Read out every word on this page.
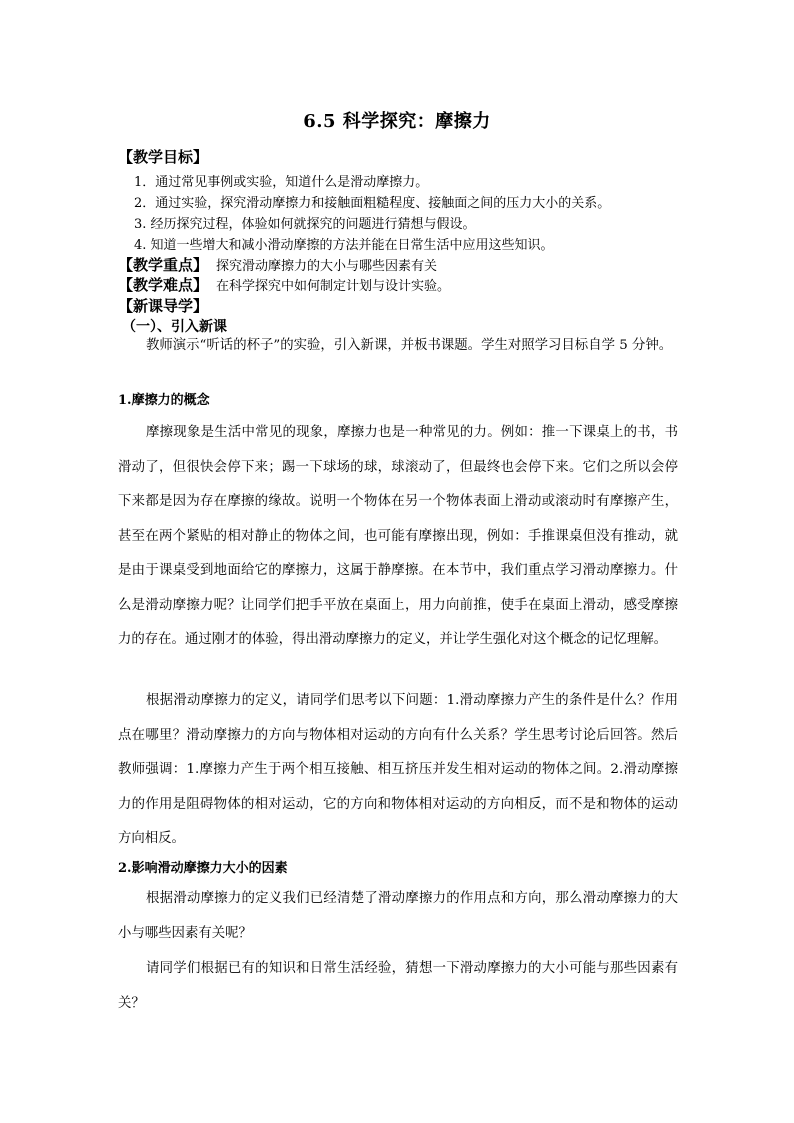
6.5 科学探究：摩擦力
【教学目标】
1．通过常见事例或实验，知道什么是滑动摩擦力。
2．通过实验，探究滑动摩擦力和接触面粗糙程度、接触面之间的压力大小的关系。
3. 经历探究过程，体验如何就探究的问题进行猜想与假设。
4. 知道一些增大和减小滑动摩擦的方法并能在日常生活中应用这些知识。
【教学重点】 探究滑动摩擦力的大小与哪些因素有关
【教学难点】 在科学探究中如何制定计划与设计实验。
【新课导学】
（一）、引入新课
教师演示“听话的杯子”的实验，引入新课，并板书课题。学生对照学习目标自学 5 分钟。
1.摩擦力的概念
摩擦现象是生活中常见的现象，摩擦力也是一种常见的力。例如：推一下课桌上的书，书滑动了，但很快会停下来；踢一下球场的球，球滚动了，但最终也会停下来。它们之所以会停下来都是因为存在摩擦的缘故。说明一个物体在另一个物体表面上滑动或滚动时有摩擦产生，甚至在两个紧贴的相对静止的物体之间，也可能有摩擦出现，例如：手推课桌但没有推动，就是由于课桌受到地面给它的摩擦力，这属于静摩擦。在本节中，我们重点学习滑动摩擦力。什么是滑动摩擦力呢？让同学们把手平放在桌面上，用力向前推，使手在桌面上滑动，感受摩擦力的存在。通过刚才的体验，得出滑动摩擦力的定义，并让学生强化对这个概念的记忆理解。
根据滑动摩擦力的定义，请同学们思考以下问题：1.滑动摩擦力产生的条件是什么？作用点在哪里？滑动摩擦力的方向与物体相对运动的方向有什么关系？学生思考讨论后回答。然后教师强调：1.摩擦力产生于两个相互接触、相互挤压并发生相对运动的物体之间。2.滑动摩擦力的作用是阻碍物体的相对运动，它的方向和物体相对运动的方向相反，而不是和物体的运动方向相反。
2.影响滑动摩擦力大小的因素
根据滑动摩擦力的定义我们已经清楚了滑动摩擦力的作用点和方向，那么滑动摩擦力的大小与哪些因素有关呢？
请同学们根据已有的知识和日常生活经验，猜想一下滑动摩擦力的大小可能与那些因素有关？
